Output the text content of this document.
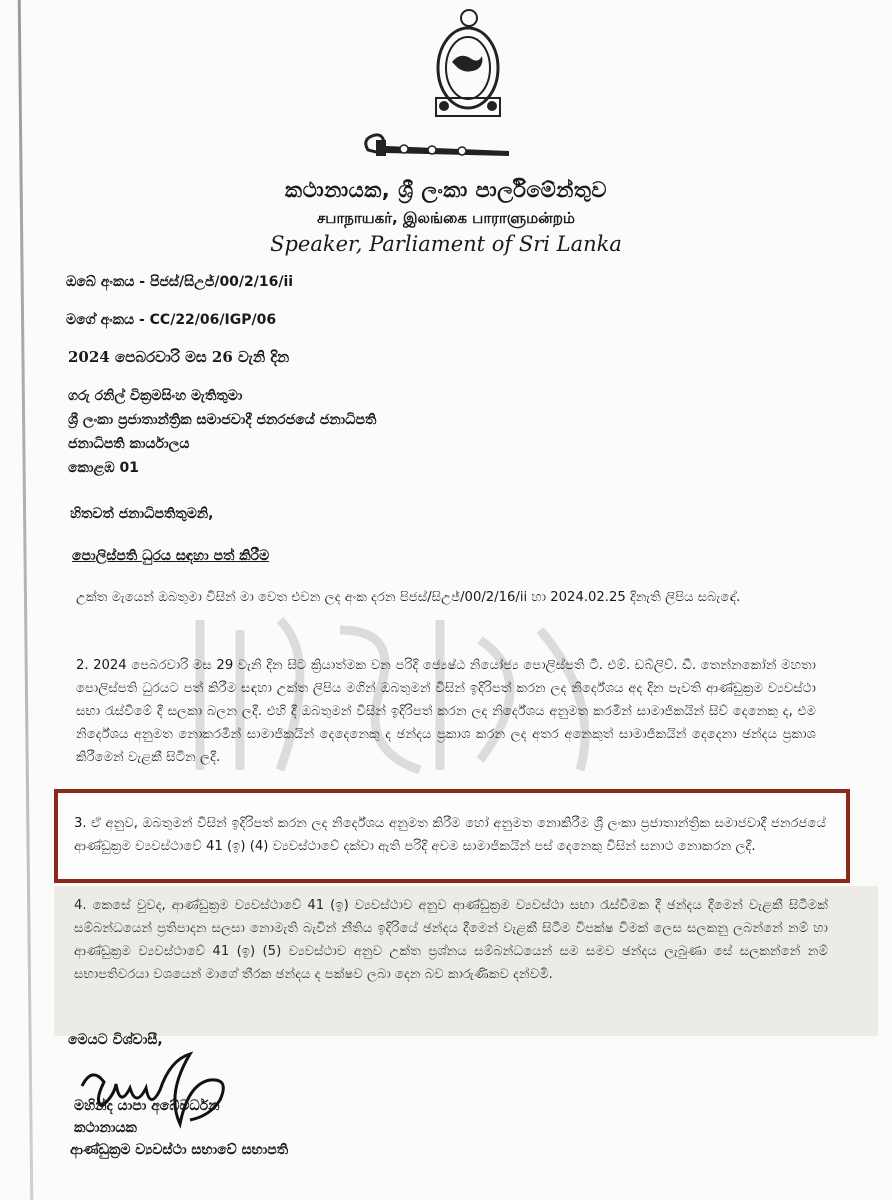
කථානායක, ශ්‍රී ලංකා පාර්ලිමේන්තුව
சபாநாயகர், இலங்கை பாராளுமன்றம்
Speaker, Parliament of Sri Lanka
ඔබේ අංකය - පිජස්/සිඋජ්/00/2/16/ii
මගේ අංකය - CC/22/06/IGP/06
2024 පෙබරවාරි මස 26 වැනි දින
ගරු රනිල් වික්‍රමසිංහ මැතිතුමා
ශ්‍රී ලංකා ප්‍රජාතාන්ත්‍රික සමාජවාදී ජනරජයේ ජනාධිපති
ජනාධිපති කාර්යාලය
කොළඹ 01
හිතවත් ජනාධිපතිතුමනි,
පොලිස්පති ධුරය සඳහා පත් කිරීම
උක්ත මැයෙන් ඔබතුමා විසින් මා වෙත එවන ලද අංක දරන පිජස්/සිඋජ්/00/2/16/ii හා 2024.02.25 දිනැති ලිපිය සබැඳේ.
2. 2024 පෙබරවාරි මස 29 වැනි දින සිට ක්‍රියාත්මක වන පරිදි ජ්‍යෙෂ්ඨ නියෝජ්‍ය පොලිස්පති ටී. එම්. ඩබ්ලිව්. ඩී. තෙන්නකෝන් මහතා පොලිස්පති ධුරයට පත් කිරීම සඳහා උක්ත ලිපිය මගින් ඔබතුමන් විසින් ඉදිරිපත් කරන ලද නිර්දේශය අද දින පැවති ආණ්ඩුක්‍රම ව්‍යවස්ථා සභා රැස්වීමේ දී සලකා බලන ලදී. එහි දී ඔබතුමන් විසින් ඉදිරිපත් කරන ලද නිර්දේශය අනුමත කරමින් සාමාජිකයින් සිව් දෙනෙකු ද, එම නිර්දේශය අනුමත නොකරමින් සාමාජිකයින් දෙදෙනෙකු ද ඡන්දය ප්‍රකාශ කරන ලද අතර අනෙකුත් සාමාජිකයින් දෙදෙනා ඡන්දය ප්‍රකාශ කිරීමෙන් වැළකී සිටින ලදී.
3. ඒ අනුව, ඔබතුමන් විසින් ඉදිරිපත් කරන ලද නිර්දේශය අනුමත කිරීම හෝ අනුමත නොකිරීම ශ්‍රී ලංකා ප්‍රජාතාන්ත්‍රික සමාජවාදී ජනරජයේ ආණ්ඩුක්‍රම ව්‍යවස්ථාවේ 41 (ඉ) (4) ව්‍යවස්ථාවේ දක්වා ඇති පරිදි අවම සාමාජිකයින් පස් දෙනෙකු විසින් සනාථ නොකරන ලදී.
4. කෙසේ වුවද, ආණ්ඩුක්‍රම ව්‍යවස්ථාවේ 41 (ඉ) ව්‍යවස්ථාව අනුව ආණ්ඩුක්‍රම ව්‍යවස්ථා සභා රැස්වීමක දී ඡන්දය දීමෙන් වැළකී සිටීමක් සම්බන්ධයෙන් ප්‍රතිපාදන සලසා නොමැති බැවින් නීතිය ඉදිරියේ ඡන්දය දීමෙන් වැළකී සිටීම විපක්ෂ විමක් ලෙස සලකනු ලබන්නේ නම් හා ආණ්ඩුක්‍රම ව්‍යවස්ථාවේ 41 (ඉ) (5) ව්‍යවස්ථාව අනුව උක්ත ප්‍රශ්නය සම්බන්ධයෙන් සම සමව ඡන්දය ලැබුණා සේ සලකන්නේ නම් සභාපතිවරයා වශයෙන් මාගේ තීරක ඡන්දය ද පක්ෂව ලබා දෙන බව කාරුණිකව දන්වමි.
මෙයට විශ්වාසී,
මහින්ද යාපා අබේවර්ධන
කථානායක
ආණ්ඩුක්‍රම ව්‍යවස්ථා සභාවේ සභාපති
